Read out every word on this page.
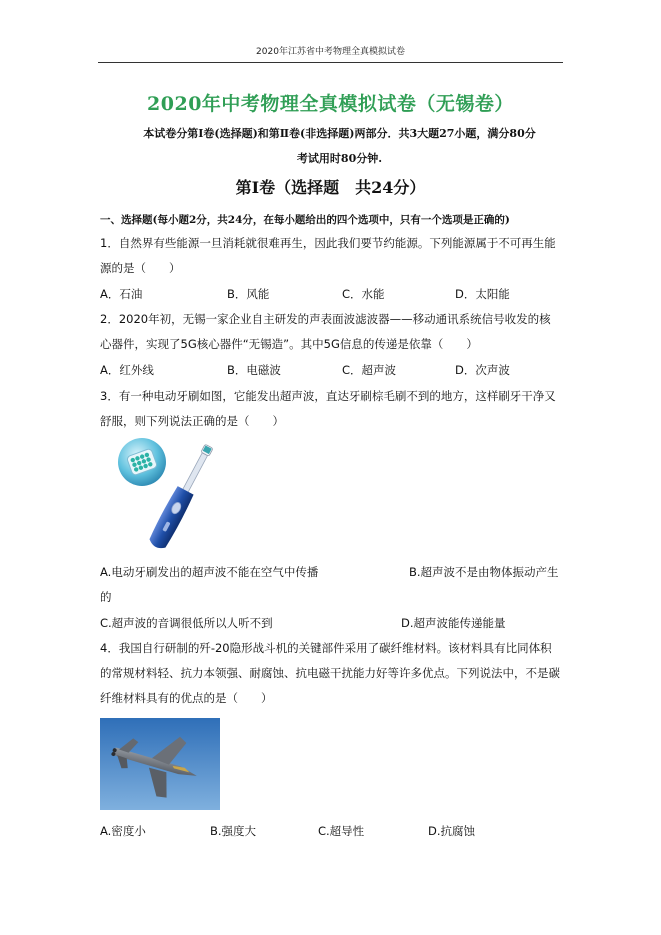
2020年江苏省中考物理全真模拟试卷
2020年中考物理全真模拟试卷（无锡卷）
本试卷分第Ⅰ卷(选择题)和第Ⅱ卷(非选择题)两部分．共3大题27小题，满分80分
考试用时80分钟.
第Ⅰ卷（选择题　共24分）
一、选择题(每小题2分，共24分，在每小题给出的四个选项中，只有一个选项是正确的)
1．自然界有些能源一旦消耗就很难再生，因此我们要节约能源。下列能源属于不可再生能
源的是（　　）
A．石油	B．风能	C．水能	D．太阳能
2．2020年初，无锡一家企业自主研发的声表面波滤波器——移动通讯系统信号收发的核
心器件，实现了5G核心器件“无锡造”。其中5G信息的传递是依靠（　　）
A．红外线	B．电磁波	C．超声波	D．次声波
3．有一种电动牙刷如图，它能发出超声波，直达牙刷棕毛刷不到的地方，这样刷牙干净又
舒服，则下列说法正确的是（　　）
A.电动牙刷发出的超声波不能在空气中传播	B.超声波不是由物体振动产生
的
C.超声波的音调很低所以人听不到	D.超声波能传递能量
4．我国自行研制的歼-20隐形战斗机的关键部件采用了碳纤维材料。该材料具有比同体积
的常规材料轻、抗力本领强、耐腐蚀、抗电磁干扰能力好等许多优点。下列说法中，不是碳
纤维材料具有的优点的是（　　）
A.密度小	B.强度大	C.超导性	D.抗腐蚀
